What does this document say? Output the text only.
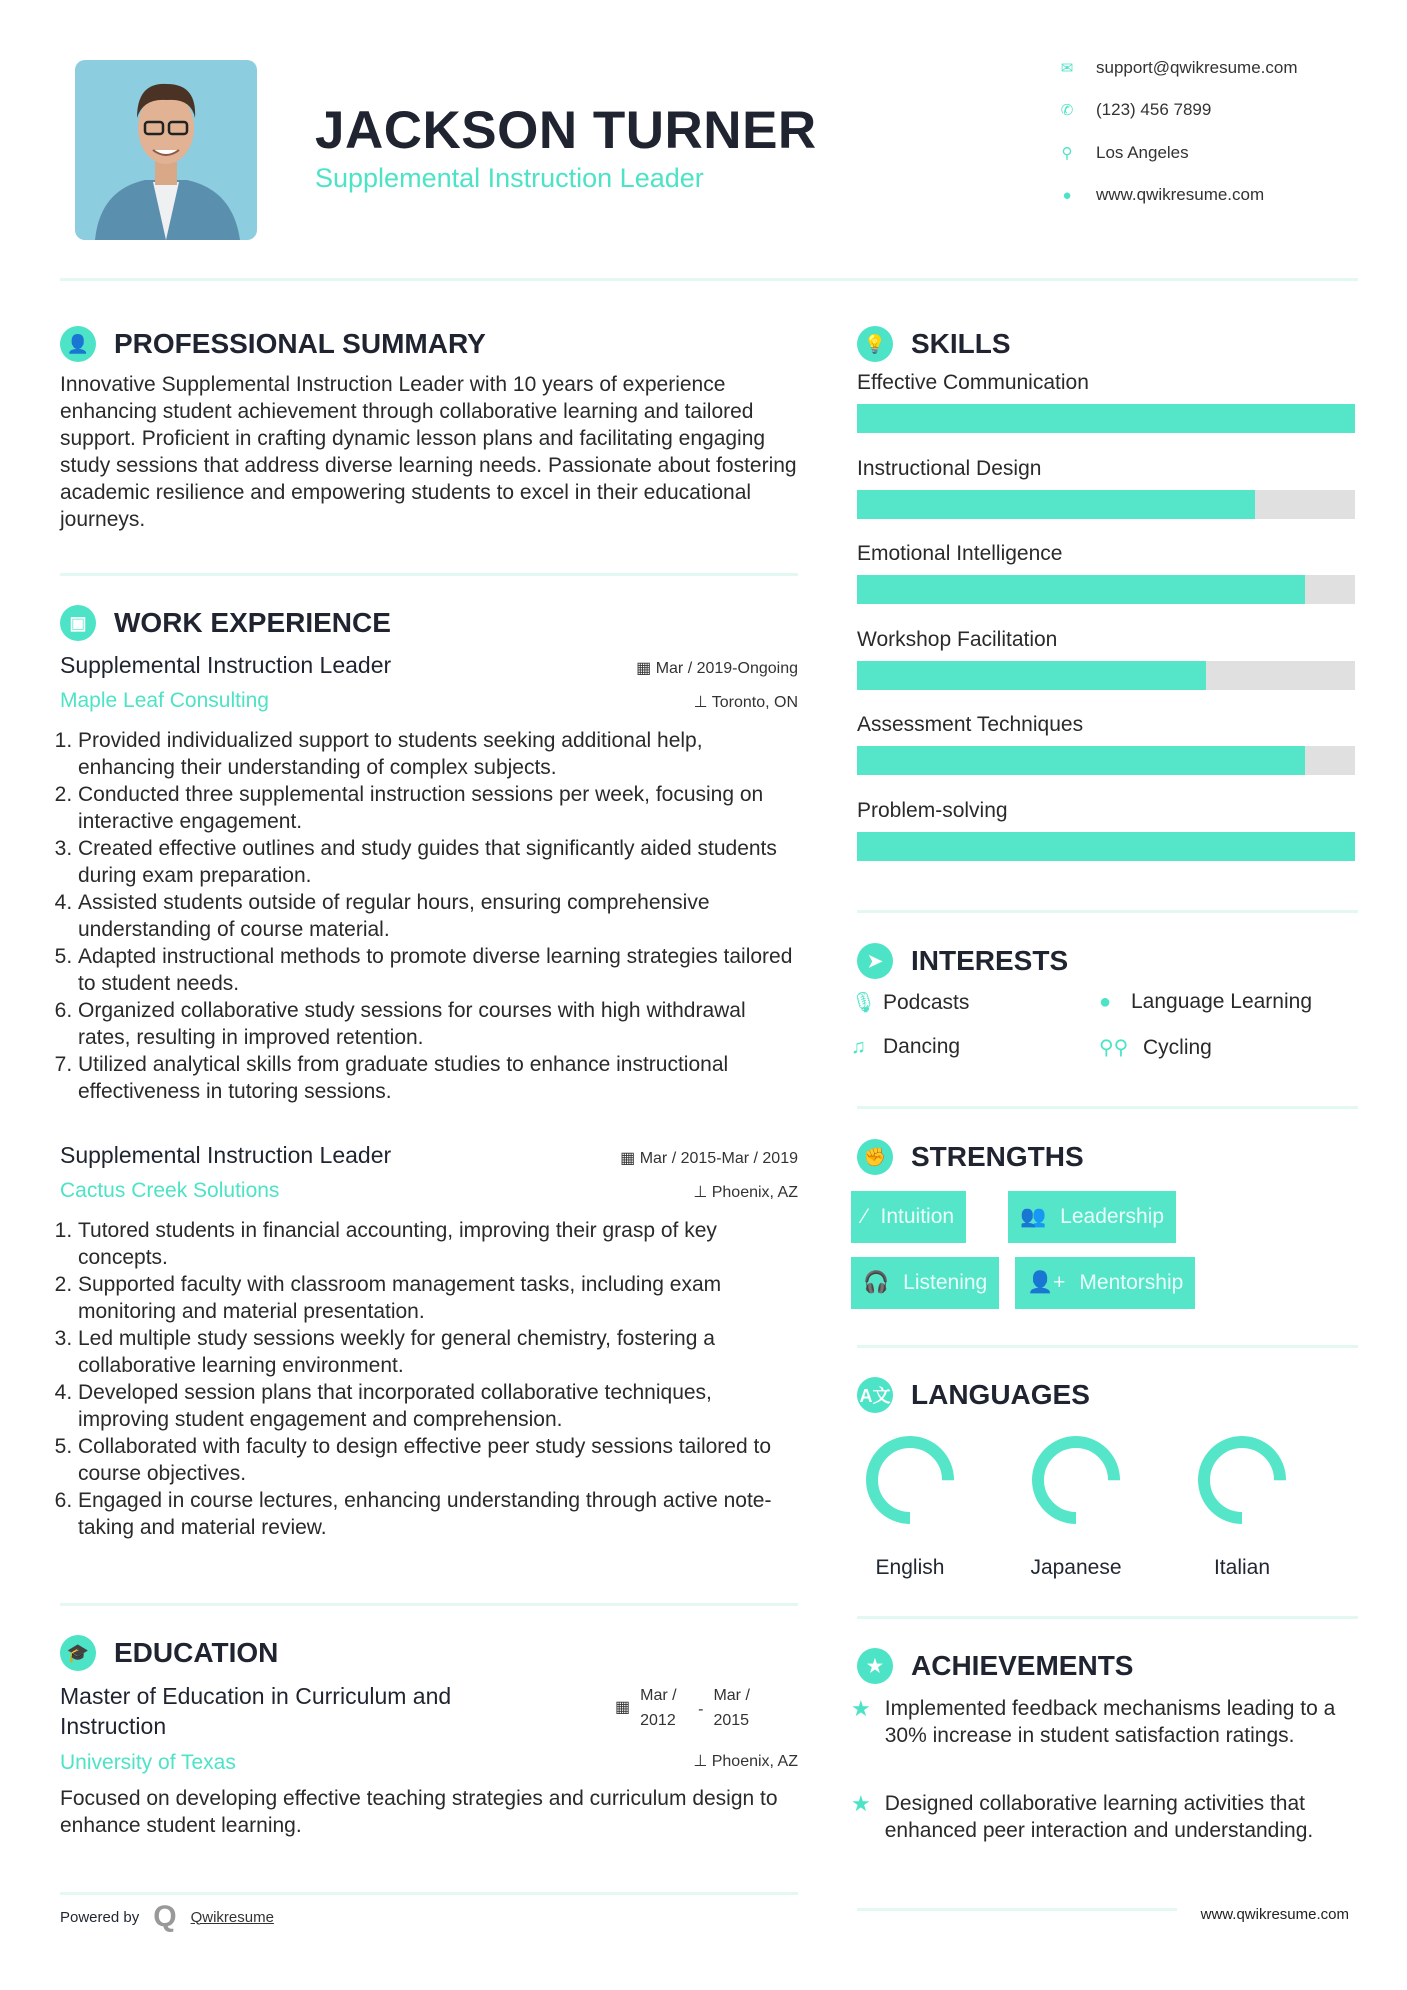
JACKSON TURNER
Supplemental Instruction Leader
✉ support@qwikresume.com
✆ (123) 456 7899
⚲ Los Angeles
● www.qwikresume.com
👤 PROFESSIONAL SUMMARY
Innovative Supplemental Instruction Leader with 10 years of experience enhancing student achievement through collaborative learning and tailored support. Proficient in crafting dynamic lesson plans and facilitating engaging study sessions that address diverse learning needs. Passionate about fostering academic resilience and empowering students to excel in their educational journeys.
▣ WORK EXPERIENCE
Supplemental Instruction Leader	▦ Mar / 2019-Ongoing
Maple Leaf Consulting	⊥ Toronto, ON
1. Provided individualized support to students seeking additional help, enhancing their understanding of complex subjects.
2. Conducted three supplemental instruction sessions per week, focusing on interactive engagement.
3. Created effective outlines and study guides that significantly aided students during exam preparation.
4. Assisted students outside of regular hours, ensuring comprehensive understanding of course material.
5. Adapted instructional methods to promote diverse learning strategies tailored to student needs.
6. Organized collaborative study sessions for courses with high withdrawal rates, resulting in improved retention.
7. Utilized analytical skills from graduate studies to enhance instructional effectiveness in tutoring sessions.
Supplemental Instruction Leader	▦ Mar / 2015-Mar / 2019
Cactus Creek Solutions	⊥ Phoenix, AZ
1. Tutored students in financial accounting, improving their grasp of key concepts.
2. Supported faculty with classroom management tasks, including exam monitoring and material presentation.
3. Led multiple study sessions weekly for general chemistry, fostering a collaborative learning environment.
4. Developed session plans that incorporated collaborative techniques, improving student engagement and comprehension.
5. Collaborated with faculty to design effective peer study sessions tailored to course objectives.
6. Engaged in course lectures, enhancing understanding through active note-taking and material review.
🎓 EDUCATION
Master of Education in Curriculum and Instruction
▦
Mar / 2012
-
Mar / 2015
University of Texas	⊥ Phoenix, AZ
Focused on developing effective teaching strategies and curriculum design to enhance student learning.
Powered by Q Qwikresume
💡 SKILLS
Effective Communication
Instructional Design
Emotional Intelligence
Workshop Facilitation
Assessment Techniques
Problem-solving
➤	INTERESTS
🎙 Podcasts	● Language Learning
♫ Dancing	⚲⚲ Cycling
✊ STRENGTHS
⁄ Intuition	👥 Leadership
🎧 Listening 👤+ Mentorship
A文 LANGUAGES
English	Japanese	Italian
★ ACHIEVEMENTS
★ Implemented feedback mechanisms leading to a 30% increase in student satisfaction ratings.
★ Designed collaborative learning activities that enhanced peer interaction and understanding.
www.qwikresume.com
